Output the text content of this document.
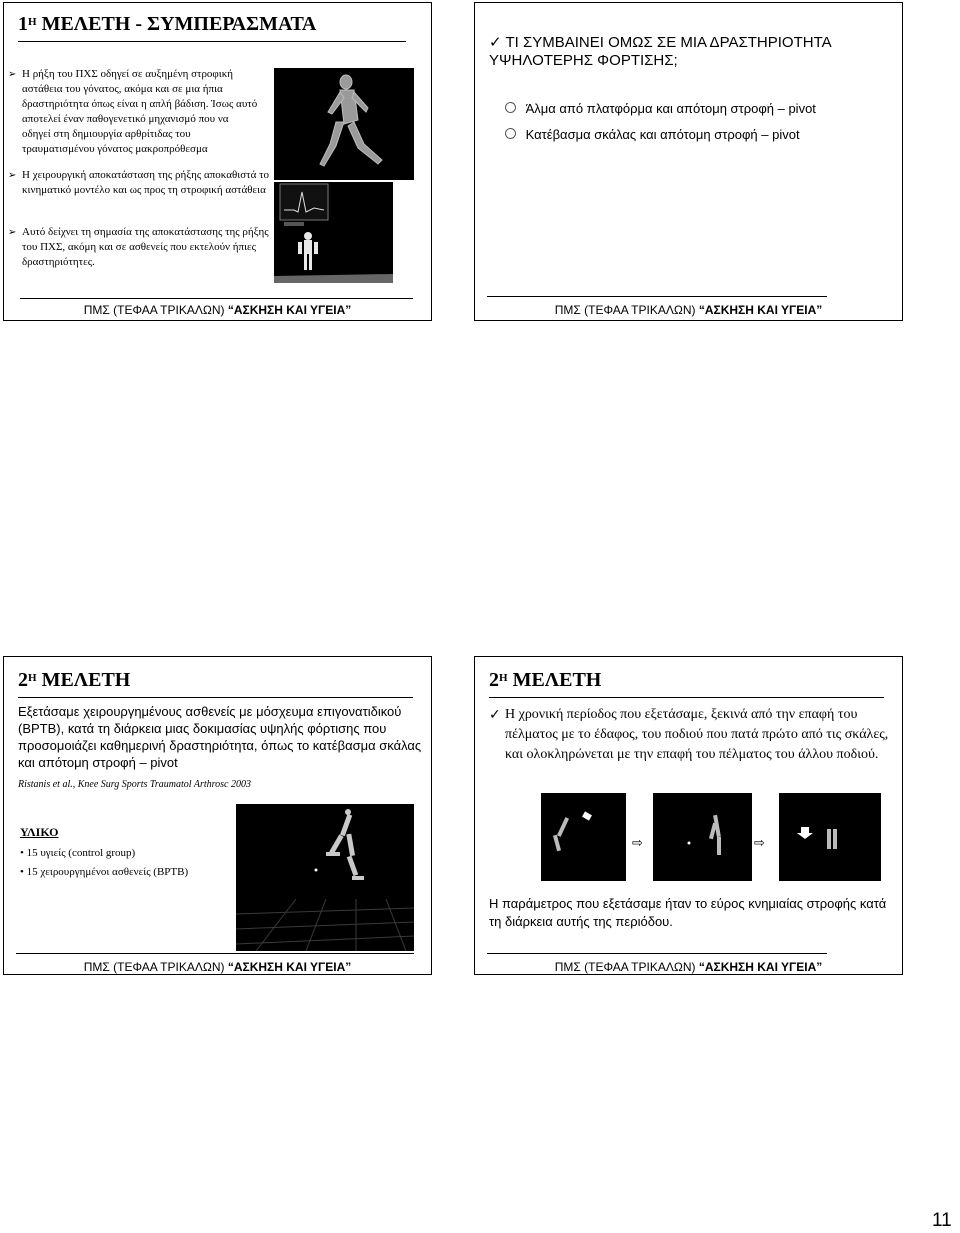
$1^H$ ΜΕΛΕΤΗ - ΣΥΜΠΕΡΑΣΜΑΤΑ
➢ Η ρήξη του ΠΧΣ οδηγεί σε αυξημένη στροφική αστάθεια του γόνατος, ακόμα και σε μια ήπια δραστηριότητα όπως είναι η απλή βάδιση. Ίσως αυτό αποτελεί έναν παθογενετικό μηχανισμό που να οδηγεί στη δημιουργία αρθρίτιδας του τραυματισμένου γόνατος μακροπρόθεσμα
➢ Η χειρουργική αποκατάσταση της ρήξης αποκαθιστά το κινηματικό μοντέλο και ως προς τη στροφική αστάθεια
➢ Αυτό δείχνει τη σημασία της αποκατάστασης της ρήξης του ΠΧΣ, ακόμη και σε ασθενείς που εκτελούν ήπιες δραστηριότητες.
ΠΜΣ (ΤΕΦΑΑ ΤΡΙΚΑΛΩΝ) “ΑΣΚΗΣΗ ΚΑΙ ΥΓΕΙΑ”
✓ ΤΙ ΣΥΜΒΑΙΝΕΙ ΟΜΩΣ ΣΕ ΜΙΑ ΔΡΑΣΤΗΡΙΟΤΗΤΑ ΥΨΗΛΟΤΕΡΗΣ ΦΟΡΤΙΣΗΣ;
Άλμα από πλατφόρμα και απότομη στροφή – pivot
Κατέβασμα σκάλας και απότομη στροφή – pivot
ΠΜΣ (ΤΕΦΑΑ ΤΡΙΚΑΛΩΝ) “ΑΣΚΗΣΗ ΚΑΙ ΥΓΕΙΑ”
$2^H$ ΜΕΛΕΤΗ
Εξετάσαμε χειρουργημένους ασθενείς με μόσχευμα επιγονατιδικού (ΒΡΤΒ), κατά τη διάρκεια μιας δοκιμασίας υψηλής φόρτισης που προσομοιάζει καθημερινή δραστηριότητα, όπως το κατέβασμα σκάλας και απότομη στροφή – pivot
Ristanis et al., Knee Surg Sports Traumatol Arthrosc 2003
ΥΛΙΚΟ
• 15 υγιείς (control group)
• 15 χειρουργημένοι ασθενείς (BPTB)
ΠΜΣ (ΤΕΦΑΑ ΤΡΙΚΑΛΩΝ) “ΑΣΚΗΣΗ ΚΑΙ ΥΓΕΙΑ”
$2^H$ ΜΕΛΕΤΗ
✓ Η χρονική περίοδος που εξετάσαμε, ξεκινά από την επαφή του πέλματος με το έδαφος, του ποδιού που πατά πρώτο από τις σκάλες, και ολοκληρώνεται με την επαφή του πέλματος του άλλου ποδιού.
⇨	⇨
Η παράμετρος που εξετάσαμε ήταν το εύρος κνημιαίας στροφής κατά τη διάρκεια αυτής της περιόδου.
ΠΜΣ (ΤΕΦΑΑ ΤΡΙΚΑΛΩΝ) “ΑΣΚΗΣΗ ΚΑΙ ΥΓΕΙΑ”
11
